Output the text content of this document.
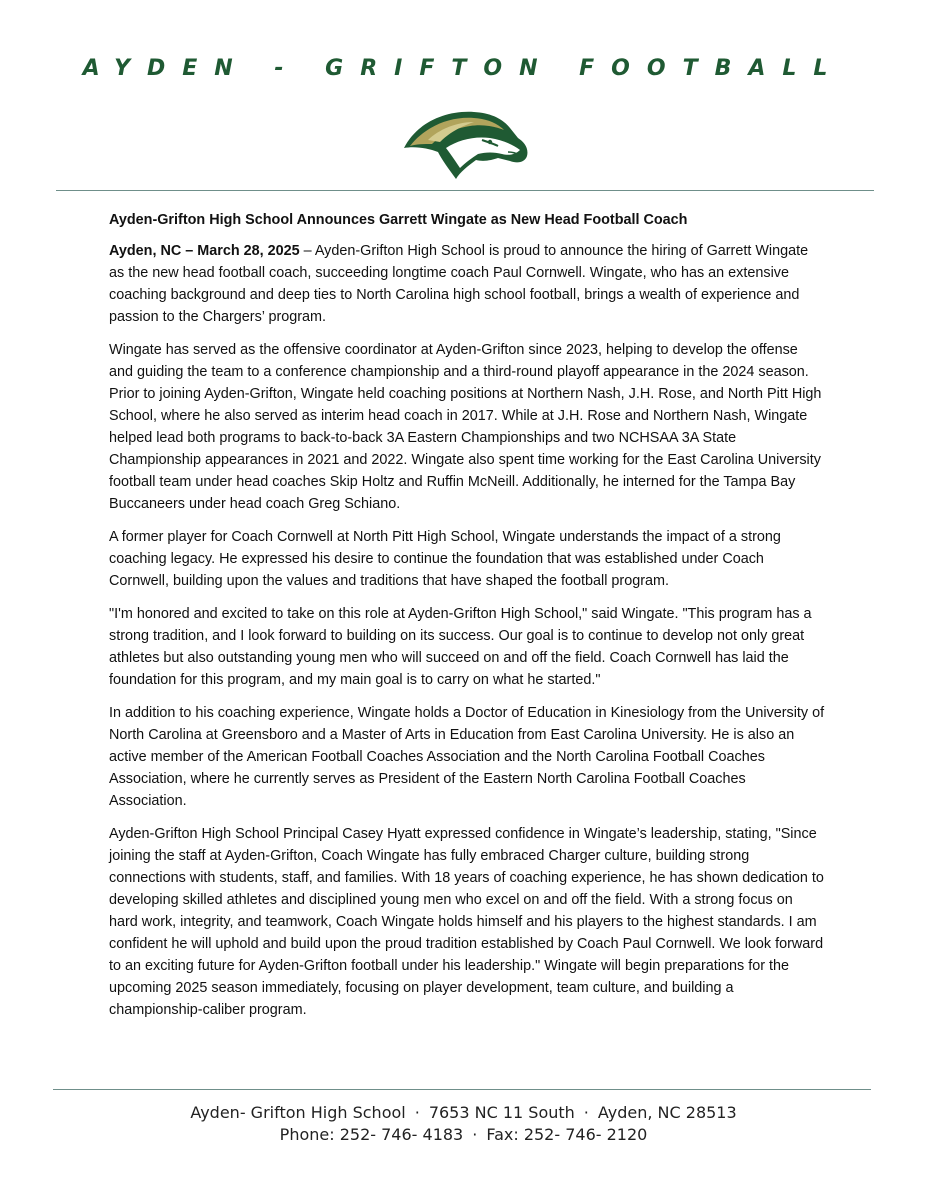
AYDEN - GRIFTON FOOTBALL
Ayden-Grifton High School Announces Garrett Wingate as New Head Football Coach

Ayden, NC – March 28, 2025 – Ayden-Grifton High School is proud to announce the hiring of Garrett Wingate as the new head football coach, succeeding longtime coach Paul Cornwell. Wingate, who has an extensive coaching background and deep ties to North Carolina high school football, brings a wealth of experience and passion to the Chargers’ program.

Wingate has served as the offensive coordinator at Ayden-Grifton since 2023, helping to develop the offense and guiding the team to a conference championship and a third-round playoff appearance in the 2024 season. Prior to joining Ayden-Grifton, Wingate held coaching positions at Northern Nash, J.H. Rose, and North Pitt High School, where he also served as interim head coach in 2017. While at J.H. Rose and Northern Nash, Wingate helped lead both programs to back-to-back 3A Eastern Championships and two NCHSAA 3A State Championship appearances in 2021 and 2022. Wingate also spent time working for the East Carolina University football team under head coaches Skip Holtz and Ruffin McNeill. Additionally, he interned for the Tampa Bay Buccaneers under head coach Greg Schiano.

A former player for Coach Cornwell at North Pitt High School, Wingate understands the impact of a strong coaching legacy. He expressed his desire to continue the foundation that was established under Coach Cornwell, building upon the values and traditions that have shaped the football program.

"I'm honored and excited to take on this role at Ayden-Grifton High School," said Wingate. "This program has a strong tradition, and I look forward to building on its success. Our goal is to continue to develop not only great athletes but also outstanding young men who will succeed on and off the field. Coach Cornwell has laid the foundation for this program, and my main goal is to carry on what he started."

In addition to his coaching experience, Wingate holds a Doctor of Education in Kinesiology from the University of North Carolina at Greensboro and a Master of Arts in Education from East Carolina University. He is also an active member of the American Football Coaches Association and the North Carolina Football Coaches Association, where he currently serves as President of the Eastern North Carolina Football Coaches Association.

Ayden-Grifton High School Principal Casey Hyatt expressed confidence in Wingate’s leadership, stating, "Since joining the staff at Ayden-Grifton, Coach Wingate has fully embraced Charger culture, building strong connections with students, staff, and families. With 18 years of coaching experience, he has shown dedication to developing skilled athletes and disciplined young men who excel on and off the field. With a strong focus on hard work, integrity, and teamwork, Coach Wingate holds himself and his players to the highest standards. I am confident he will uphold and build upon the proud tradition established by Coach Paul Cornwell. We look forward to an exciting future for Ayden-Grifton football under his leadership." Wingate will begin preparations for the upcoming 2025 season immediately, focusing on player development, team culture, and building a championship-caliber program.

Ayden- Grifton High School · 7653 NC 11 South · Ayden, NC 28513
Phone: 252- 746- 4183 · Fax: 252- 746- 2120
